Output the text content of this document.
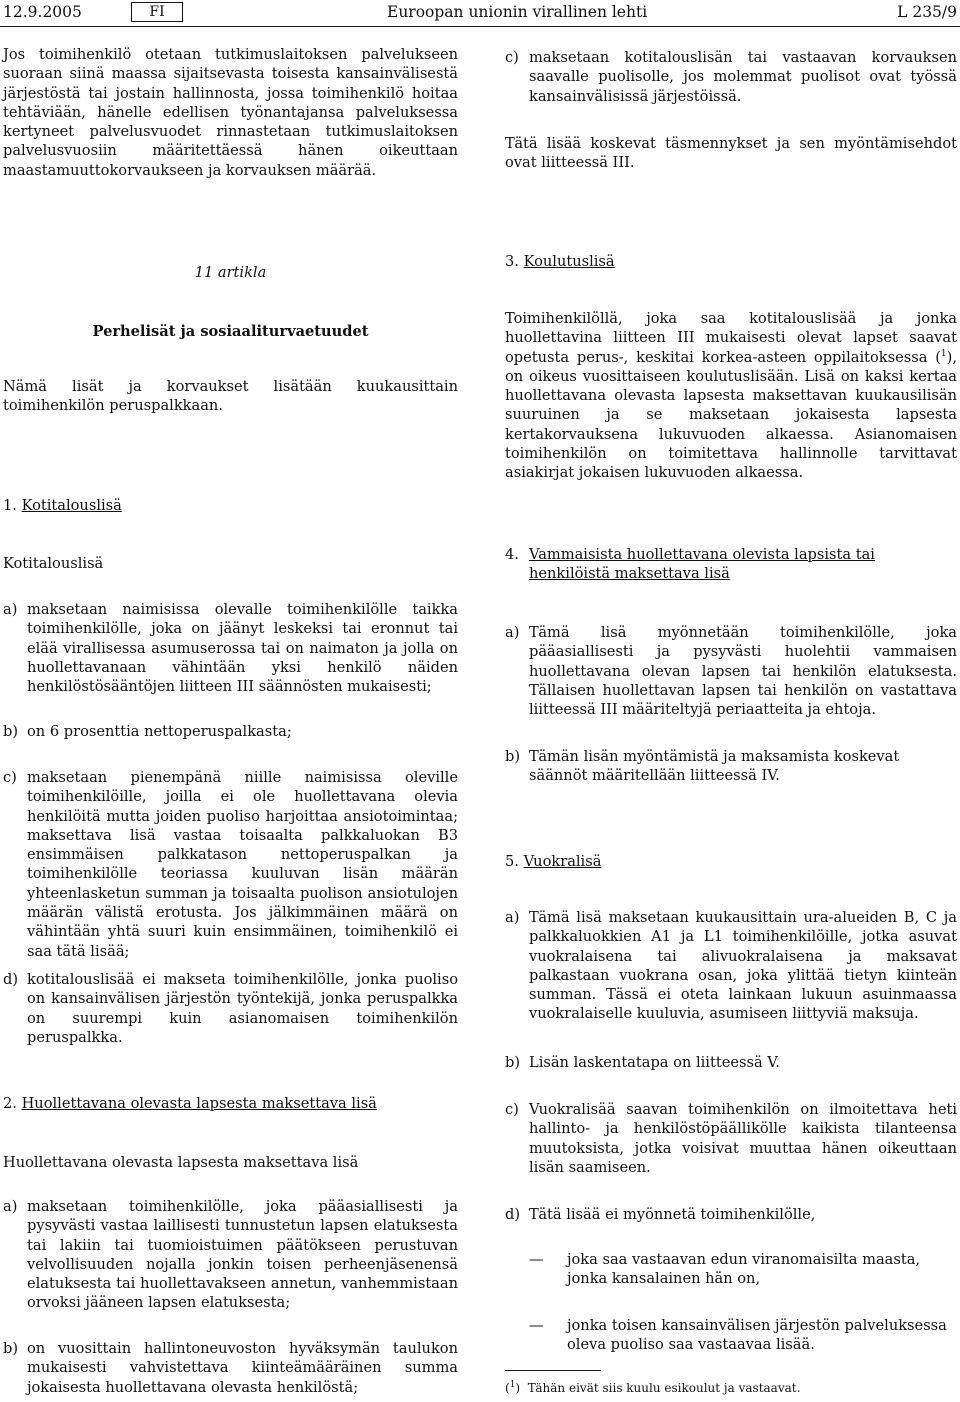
12.9.2005	FI	Euroopan unionin virallinen lehti	L 235/9

Jos toimihenkilö otetaan tutkimuslaitoksen palvelukseen suoraan siinä maassa sijaitsevasta toisesta kansainvälisestä järjestöstä tai jostain hallinnosta, jossa toimihenkilö hoitaa tehtäviään, hänelle edellisen työnantajansa palveluksessa kertyneet palvelusvuodet rinnastetaan tutkimuslaitoksen palvelusvuosiin määritettäessä hänen oikeuttaan maastamuuttokorvaukseen ja korvauksen määrää.

11 artikla
Perhelisät ja sosiaaliturvaetuudet

Nämä lisät ja korvaukset lisätään kuukausittain toimihenkilön peruspalkkaan.

1. Kotitalouslisä
Kotitalouslisä
a) maksetaan naimisissa olevalle toimihenkilölle taikka toimihenkilölle, joka on jäänyt leskeksi tai eronnut tai elää virallisessa asumuserossa tai on naimaton ja jolla on huollettavanaan vähintään yksi henkilö näiden henkilöstösääntöjen liitteen III säännösten mukaisesti;
b) on 6 prosenttia nettoperuspalkasta;
c) maksetaan pienempänä niille naimisissa oleville toimihenkilöille, joilla ei ole huollettavana olevia henkilöitä mutta joiden puoliso harjoittaa ansiotoimintaa; maksettava lisä vastaa toisaalta palkkaluokan B3 ensimmäisen palkkatason nettoperuspalkan ja toimihenkilölle teoriassa kuuluvan lisän määrän yhteenlasketun summan ja toisaalta puolison ansiotulojen määrän välistä erotusta. Jos jälkimmäinen määrä on vähintään yhtä suuri kuin ensimmäinen, toimihenkilö ei saa tätä lisää;
d) kotitalouslisää ei makseta toimihenkilölle, jonka puoliso on kansainvälisen järjestön työntekijä, jonka peruspalkka on suurempi kuin asianomaisen toimihenkilön peruspalkka.
2. Huollettavana olevasta lapsesta maksettava lisä
Huollettavana olevasta lapsesta maksettava lisä
a) maksetaan toimihenkilölle, joka pääasiallisesti ja pysyvästi vastaa laillisesti tunnustetun lapsen elatuksesta tai lakiin tai tuomioistuimen päätökseen perustuvan velvollisuuden nojalla jonkin toisen perheenjäsenensä elatuksesta tai huollettavakseen annetun, vanhemmistaan orvoksi jääneen lapsen elatuksesta;
b) on vuosittain hallintoneuvoston hyväksymän taulukon mukaisesti vahvistettava kiinteämääräinen summa jokaisesta huollettavana olevasta henkilöstä;
c) maksetaan kotitalouslisän tai vastaavan korvauksen saavalle puolisolle, jos molemmat puolisot ovat työssä kansainvälisissä järjestöissä.

Tätä lisää koskevat täsmennykset ja sen myöntämisehdot ovat liitteessä III.

3. Koulutuslisä

Toimihenkilöllä, joka saa kotitalouslisää ja jonka huollettavina liitteen III mukaisesti olevat lapset saavat opetusta perus-, keskitai korkea-asteen oppilaitoksessa ($^1$), on oikeus vuosittaiseen koulutuslisään. Lisä on kaksi kertaa huollettavana olevasta lapsesta maksettavan kuukausilisän suuruinen ja se maksetaan jokaisesta lapsesta kertakorvauksena lukuvuoden alkaessa. Asianomaisen toimihenkilön on toimitettava hallinnolle tarvittavat asiakirjat jokaisen lukuvuoden alkaessa.

4. Vammaisista huollettavana olevista lapsista tai henkilöistä maksettava lisä
a) Tämä lisä myönnetään toimihenkilölle, joka pääasiallisesti ja pysyvästi huolehtii vammaisen huollettavana olevan lapsen tai henkilön elatuksesta. Tällaisen huollettavan lapsen tai henkilön on vastattava liitteessä III määriteltyjä periaatteita ja ehtoja.
b) Tämän lisän myöntämistä ja maksamista koskevat säännöt määritellään liitteessä IV.
5. Vuokralisä
a) Tämä lisä maksetaan kuukausittain ura-alueiden B, C ja palkkaluokkien A1 ja L1 toimihenkilöille, jotka asuvat vuokralaisena tai alivuokralaisena ja maksavat palkastaan vuokrana osan, joka ylittää tietyn kiinteän summan. Tässä ei oteta lainkaan lukuun asuinmaassa vuokralaiselle kuuluvia, asumiseen liittyviä maksuja.
b) Lisän laskentatapa on liitteessä V.
c) Vuokralisää saavan toimihenkilön on ilmoitettava heti hallinto- ja henkilöstöpäällikölle kaikista tilanteensa muutoksista, jotka voisivat muuttaa hänen oikeuttaan lisän saamiseen.
d) Tätä lisää ei myönnetä toimihenkilölle,
— joka saa vastaavan edun viranomaisilta maasta, jonka kansalainen hän on,
— jonka toisen kansainvälisen järjestön palveluksessa oleva puoliso saa vastaavaa lisää.
($^1$)  Tähän eivät siis kuulu esikoulut ja vastaavat.
